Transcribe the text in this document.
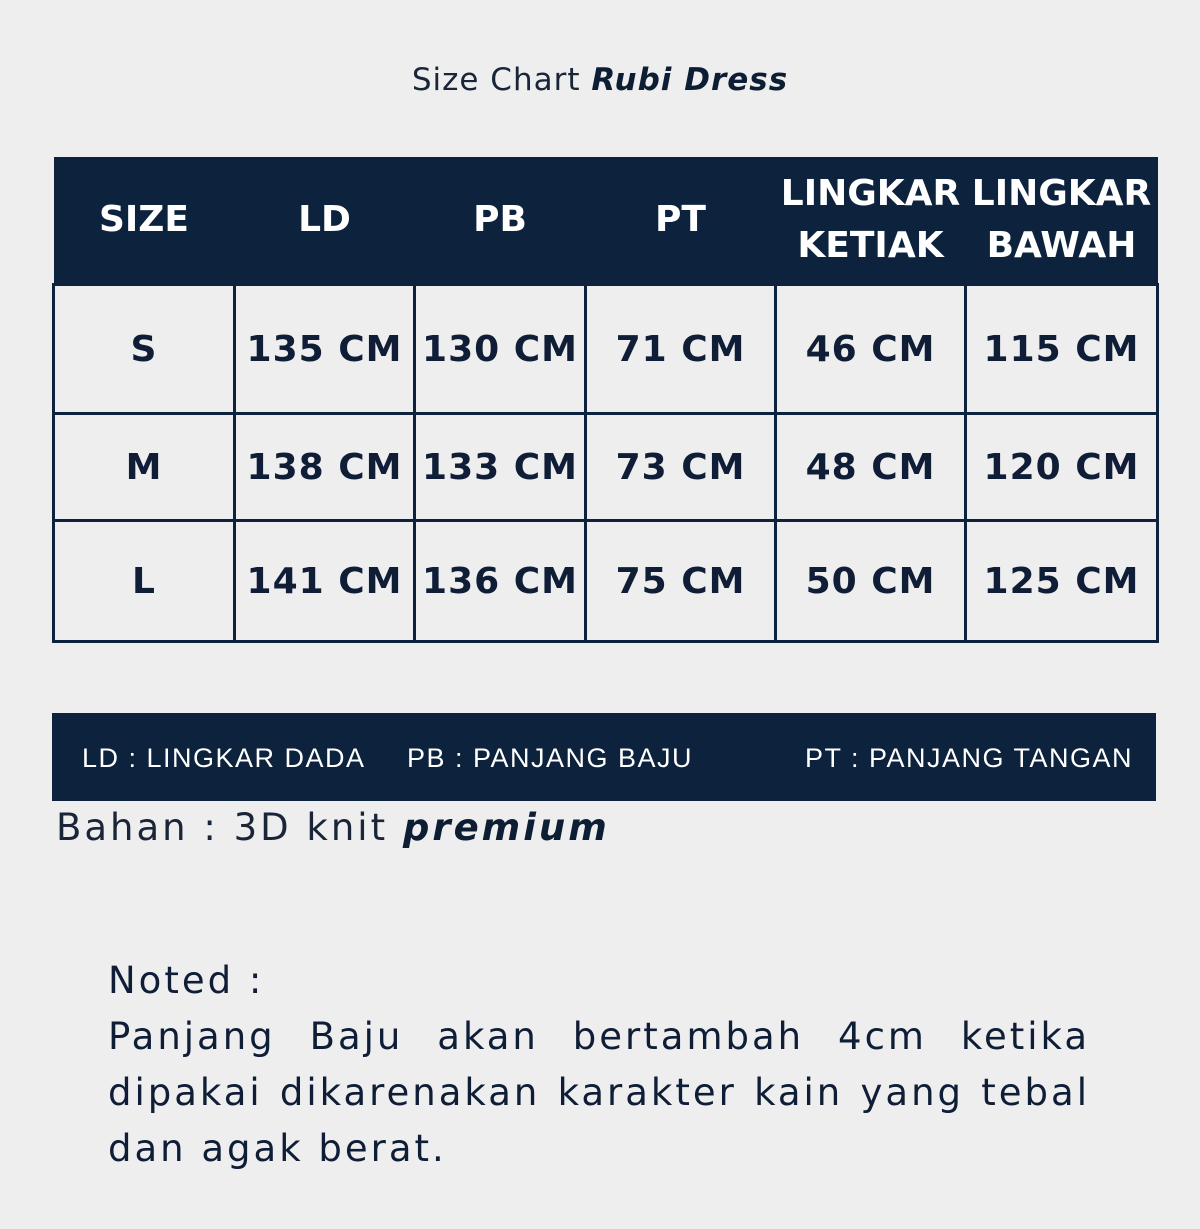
Size Chart Rubi Dress
SIZE	LD	PB	PT	LINGKAR KETIAK	LINGKAR BAWAH
S	135 CM	130 CM	71 CM	46 CM	115 CM
M	138 CM	133 CM	73 CM	48 CM	120 CM
L	141 CM	136 CM	75 CM	50 CM	125 CM
LD : LINGKAR DADA PB : PANJANG BAJU	PT : PANJANG TANGAN
Bahan : 3D knit premium
Noted :
Panjang Baju akan bertambah 4cm ketika dipakai dikarenakan karakter kain yang tebal dan agak berat.
